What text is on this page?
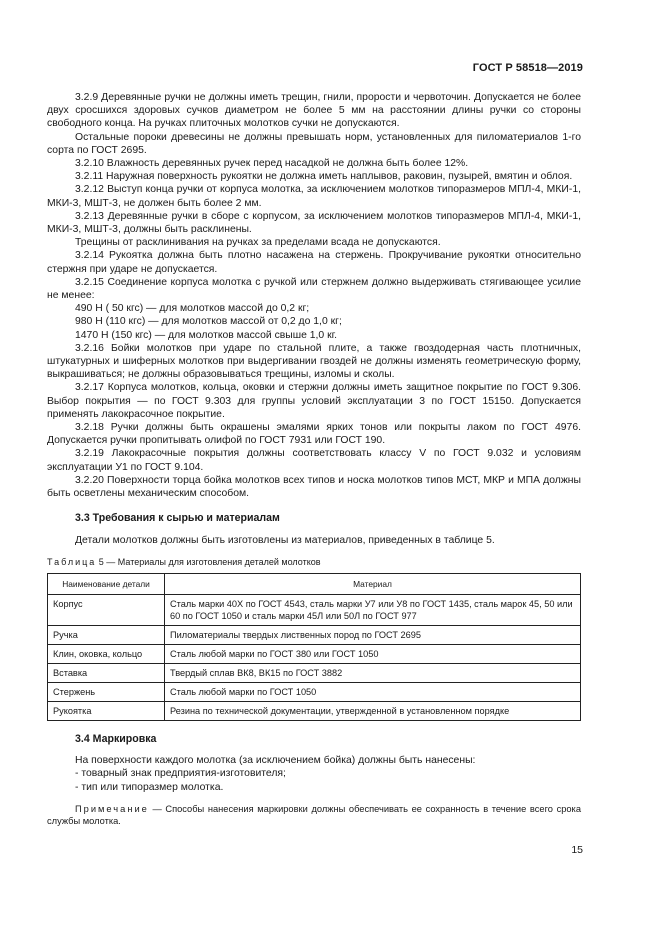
ГОСТ Р 58518—2019

3.2.9 Деревянные ручки не должны иметь трещин, гнили, прорости и червоточин. Допускается не более двух сросшихся здоровых сучков диаметром не более 5 мм на расстоянии длины ручки со стороны свободного конца. На ручках плиточных молотков сучки не допускаются.

Остальные пороки древесины не должны превышать норм, установленных для пиломатериалов 1-го сорта по ГОСТ 2695.

3.2.10 Влажность деревянных ручек перед насадкой не должна быть более 12%.

3.2.11 Наружная поверхность рукоятки не должна иметь наплывов, раковин, пузырей, вмятин и облоя.

3.2.12 Выступ конца ручки от корпуса молотка, за исключением молотков типоразмеров МПЛ-4, МКИ-1, МКИ-3, МШТ-3, не должен быть более 2 мм.

3.2.13 Деревянные ручки в сборе с корпусом, за исключением молотков типоразмеров МПЛ-4, МКИ-1, МКИ-3, МШТ-3, должны быть расклинены.

Трещины от расклинивания на ручках за пределами всада не допускаются.

3.2.14 Рукоятка должна быть плотно насажена на стержень. Прокручивание рукоятки относительно стержня при ударе не допускается.

3.2.15 Соединение корпуса молотка с ручкой или стержнем должно выдерживать стягивающее усилие не менее:

490 Н ( 50 кгс) — для молотков массой до 0,2 кг;

980 Н (110 кгс) — для молотков массой от 0,2 до 1,0 кг;

1470 Н (150 кгс) — для молотков массой свыше 1,0 кг.

3.2.16 Бойки молотков при ударе по стальной плите, а также гвоздодерная часть плотничных, штукатурных и шиферных молотков при выдергивании гвоздей не должны изменять геометрическую форму, выкрашиваться; не должны образовываться трещины, изломы и сколы.

3.2.17 Корпуса молотков, кольца, оковки и стержни должны иметь защитное покрытие по ГОСТ 9.306. Выбор покрытия — по ГОСТ 9.303 для группы условий эксплуатации 3 по ГОСТ 15150. Допускается применять лакокрасочное покрытие.

3.2.18 Ручки должны быть окрашены эмалями ярких тонов или покрыты лаком по ГОСТ 4976. Допускается ручки пропитывать олифой по ГОСТ 7931 или ГОСТ 190.

3.2.19 Лакокрасочные покрытия должны соответствовать классу V по ГОСТ 9.032 и условиям эксплуатации У1 по ГОСТ 9.104.

3.2.20 Поверхности торца бойка молотков всех типов и носка молотков типов МСТ, МКР и МПА должны быть осветлены механическим способом.

3.3 Требования к сырью и материалам

Детали молотков должны быть изготовлены из материалов, приведенных в таблице 5.

Таблица 5 — Материалы для изготовления деталей молотков
Наименование детали	Материал
Корпус	Сталь марки 40Х по ГОСТ 4543, сталь марки У7 или У8 по ГОСТ 1435, сталь марок 45, 50 или 60 по ГОСТ 1050 и сталь марки 45Л или 50Л по ГОСТ 977
Ручка	Пиломатериалы твердых лиственных пород по ГОСТ 2695
Клин, оковка, кольцо	Сталь любой марки по ГОСТ 380 или ГОСТ 1050
Вставка	Твердый сплав ВК8, ВК15 по ГОСТ 3882
Стержень	Сталь любой марки по ГОСТ 1050
Рукоятка	Резина по технической документации, утвержденной в установленном порядке
3.4 Маркировка

На поверхности каждого молотка (за исключением бойка) должны быть нанесены:

- товарный знак предприятия-изготовителя;
- тип или типоразмер молотка.

Примечание — Способы нанесения маркировки должны обеспечивать ее сохранность в течение всего срока службы молотка.

15
